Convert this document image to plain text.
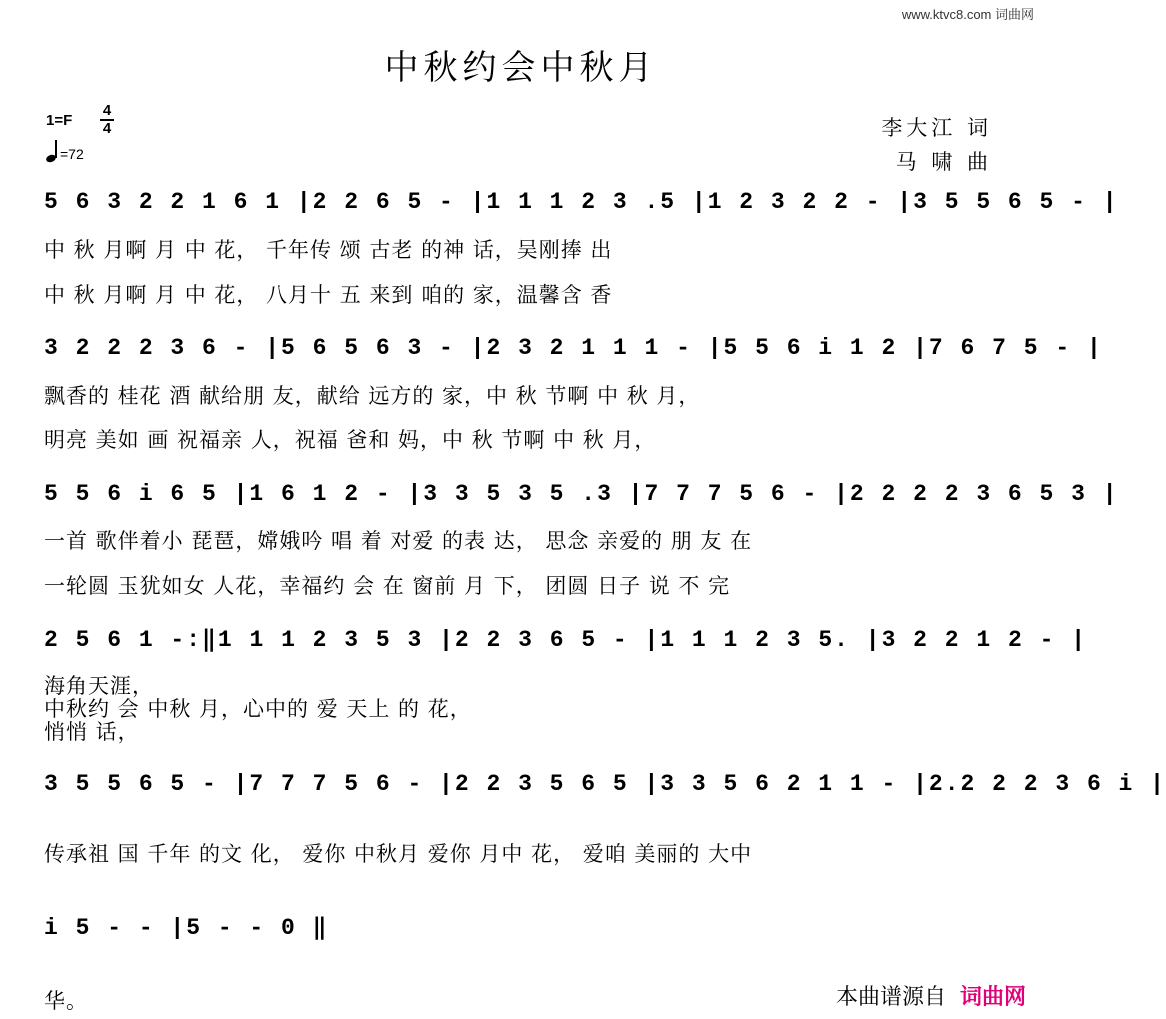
www.ktvc8.com 词曲网
中秋约会中秋月
1=F
4
4
=72
李大江 词
马 啸 曲
5 6 3 2 2 1 6 1 |2 2 6 5 - |1 1 1 2 3 .5 |1 2 3 2 2 - |3 5 5 6 5 - |
中 秋 月啊 月 中 花， 千年传 颂 古老 的神 话，吴刚捧 出
中 秋 月啊 月 中 花， 八月十 五 来到 咱的 家，温馨含 香
3 2 2 2 3 6 - |5 6 5 6 3 - |2 3 2 1 1 1 - |5 5 6 i 1 2 |7 6 7 5 - |
飘香的 桂花 酒 献给朋 友，献给 远方的 家，中 秋 节啊 中 秋 月，
明亮 美如 画 祝福亲 人，祝福 爸和 妈，中 秋 节啊 中 秋 月，
5 5 6 i 6 5 |1 6 1 2 - |3 3 5 3 5 .3 |7 7 7 5 6 - |2 2 2 2 3 6 5 3 |
一首 歌伴着小 琵琶，嫦娥吟 唱 着 对爱 的表 达， 思念 亲爱的 朋 友 在
一轮圆 玉犹如女 人花，幸福约 会 在 窗前 月 下， 团圆 日子 说 不 完
2 5 6 1 -:‖1 1 1 2 3 5 3 |2 2 3 6 5 - |1 1 1 2 3 5. |3 2 2 1 2 - |
海角天涯，
中秋约 会 中秋 月，心中的 爱 天上 的 花，
悄悄 话，
3 5 5 6 5 - |7 7 7 5 6 - |2 2 3 5 6 5 |3 3 5 6 2 1 1 - |2.2 2 2 3 6 i |
传承祖 国 千年 的文 化， 爱你 中秋月 爱你 月中 花， 爱咱 美丽的 大中
i 5 - - |5 - - 0 ‖
华。	本曲谱源自 词曲网
